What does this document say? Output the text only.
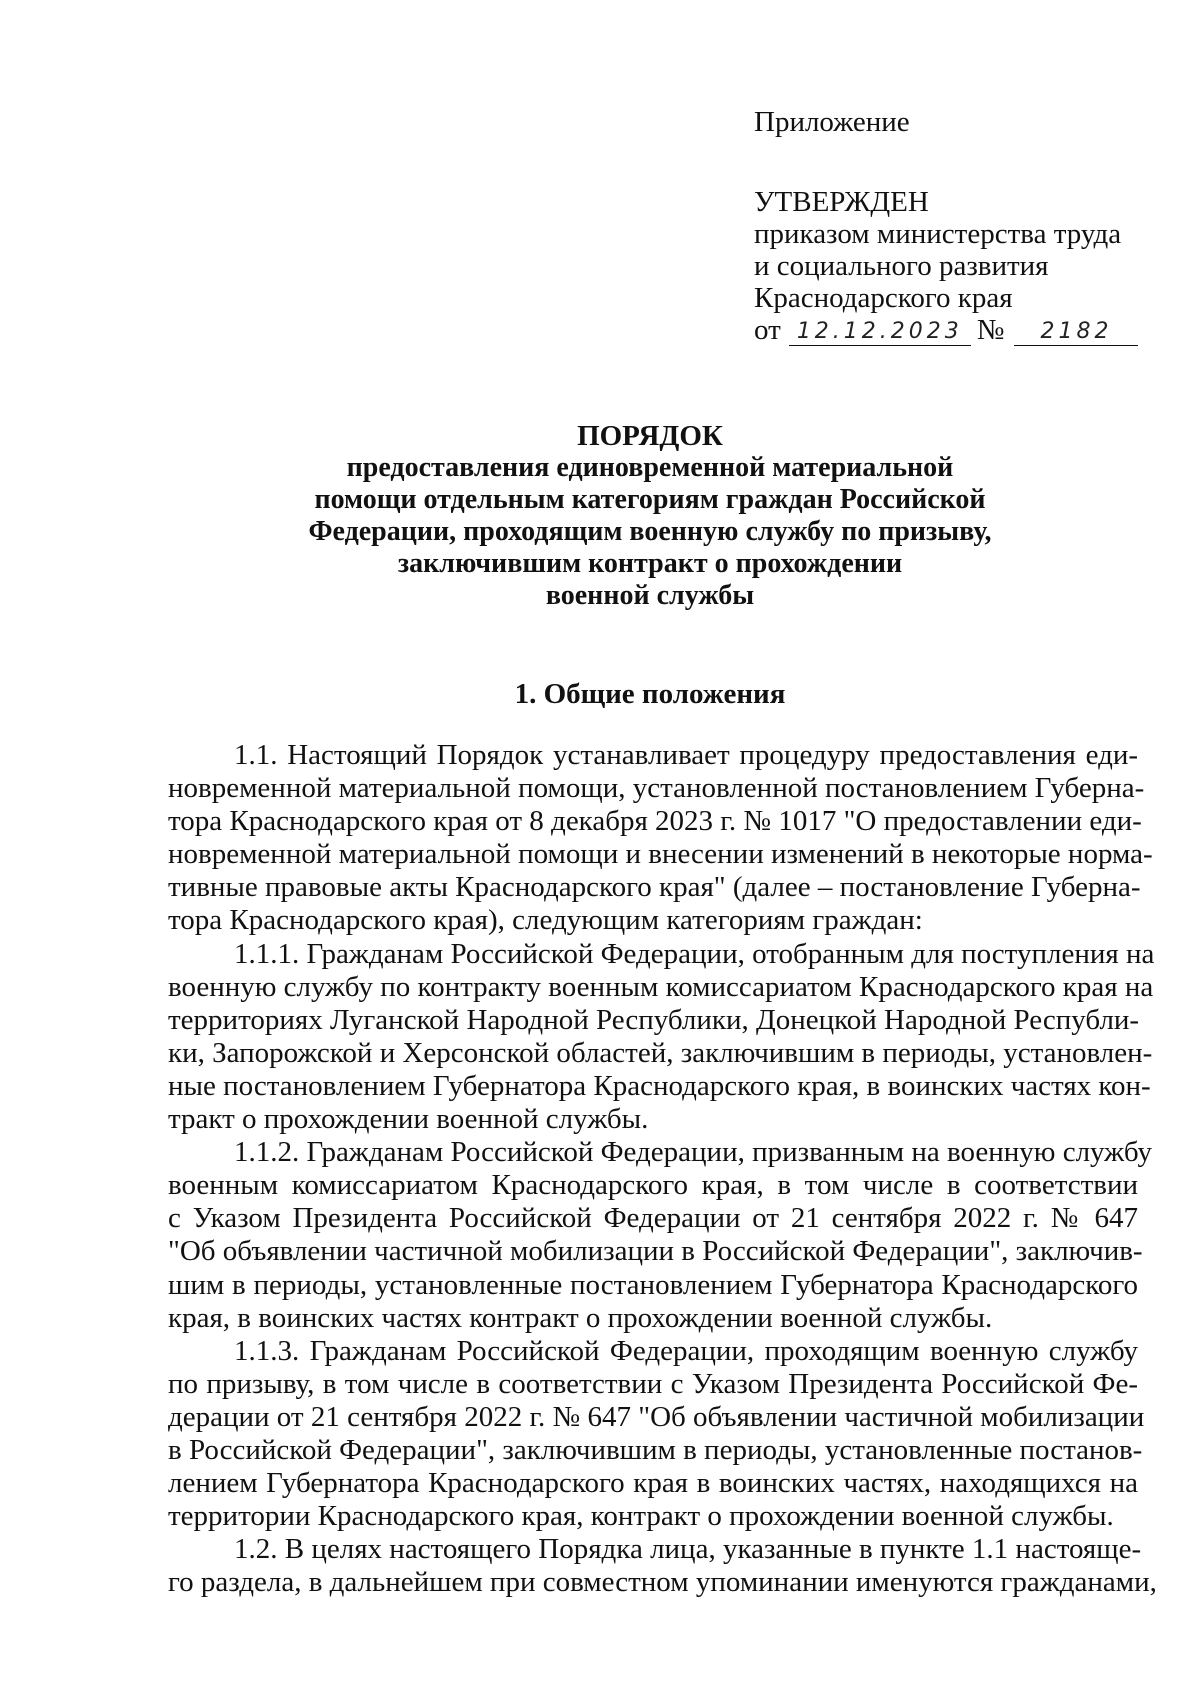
Приложение
УТВЕРЖДЕН
приказом министерства труда
и социального развития
Краснодарского края
от 12.12.2023 №	2182
ПОРЯДОК
предоставления единовременной материальной
помощи отдельным категориям граждан Российской
Федерации, проходящим военную службу по призыву,
заключившим контракт о прохождении
военной службы
1. Общие положения
1.1. Настоящий Порядок устанавливает процедуру предоставления еди-
новременной материальной помощи, установленной постановлением Губерна-
тора Краснодарского края от 8 декабря 2023 г. № 1017 "О предоставлении еди-
новременной материальной помощи и внесении изменений в некоторые норма-
тивные правовые акты Краснодарского края" (далее – постановление Губерна-
тора Краснодарского края), следующим категориям граждан:
1.1.1. Гражданам Российской Федерации, отобранным для поступления на
военную службу по контракту военным комиссариатом Краснодарского края на
территориях Луганской Народной Республики, Донецкой Народной Республи-
ки, Запорожской и Херсонской областей, заключившим в периоды, установлен-
ные постановлением Губернатора Краснодарского края, в воинских частях кон-
тракт о прохождении военной службы.
1.1.2. Гражданам Российской Федерации, призванным на военную службу
военным комиссариатом Краснодарского края, в том числе в соответствии
с Указом Президента Российской Федерации от 21 сентября 2022 г. № 647
"Об объявлении частичной мобилизации в Российской Федерации", заключив-
шим в периоды, установленные постановлением Губернатора Краснодарского
края, в воинских частях контракт о прохождении военной службы.
1.1.3. Гражданам Российской Федерации, проходящим военную службу
по призыву, в том числе в соответствии с Указом Президента Российской Фе-
дерации от 21 сентября 2022 г. № 647 "Об объявлении частичной мобилизации
в Российской Федерации", заключившим в периоды, установленные постанов-
лением Губернатора Краснодарского края в воинских частях, находящихся на
территории Краснодарского края, контракт о прохождении военной службы.
1.2. В целях настоящего Порядка лица, указанные в пункте 1.1 настояще-
го раздела, в дальнейшем при совместном упоминании именуются гражданами,
